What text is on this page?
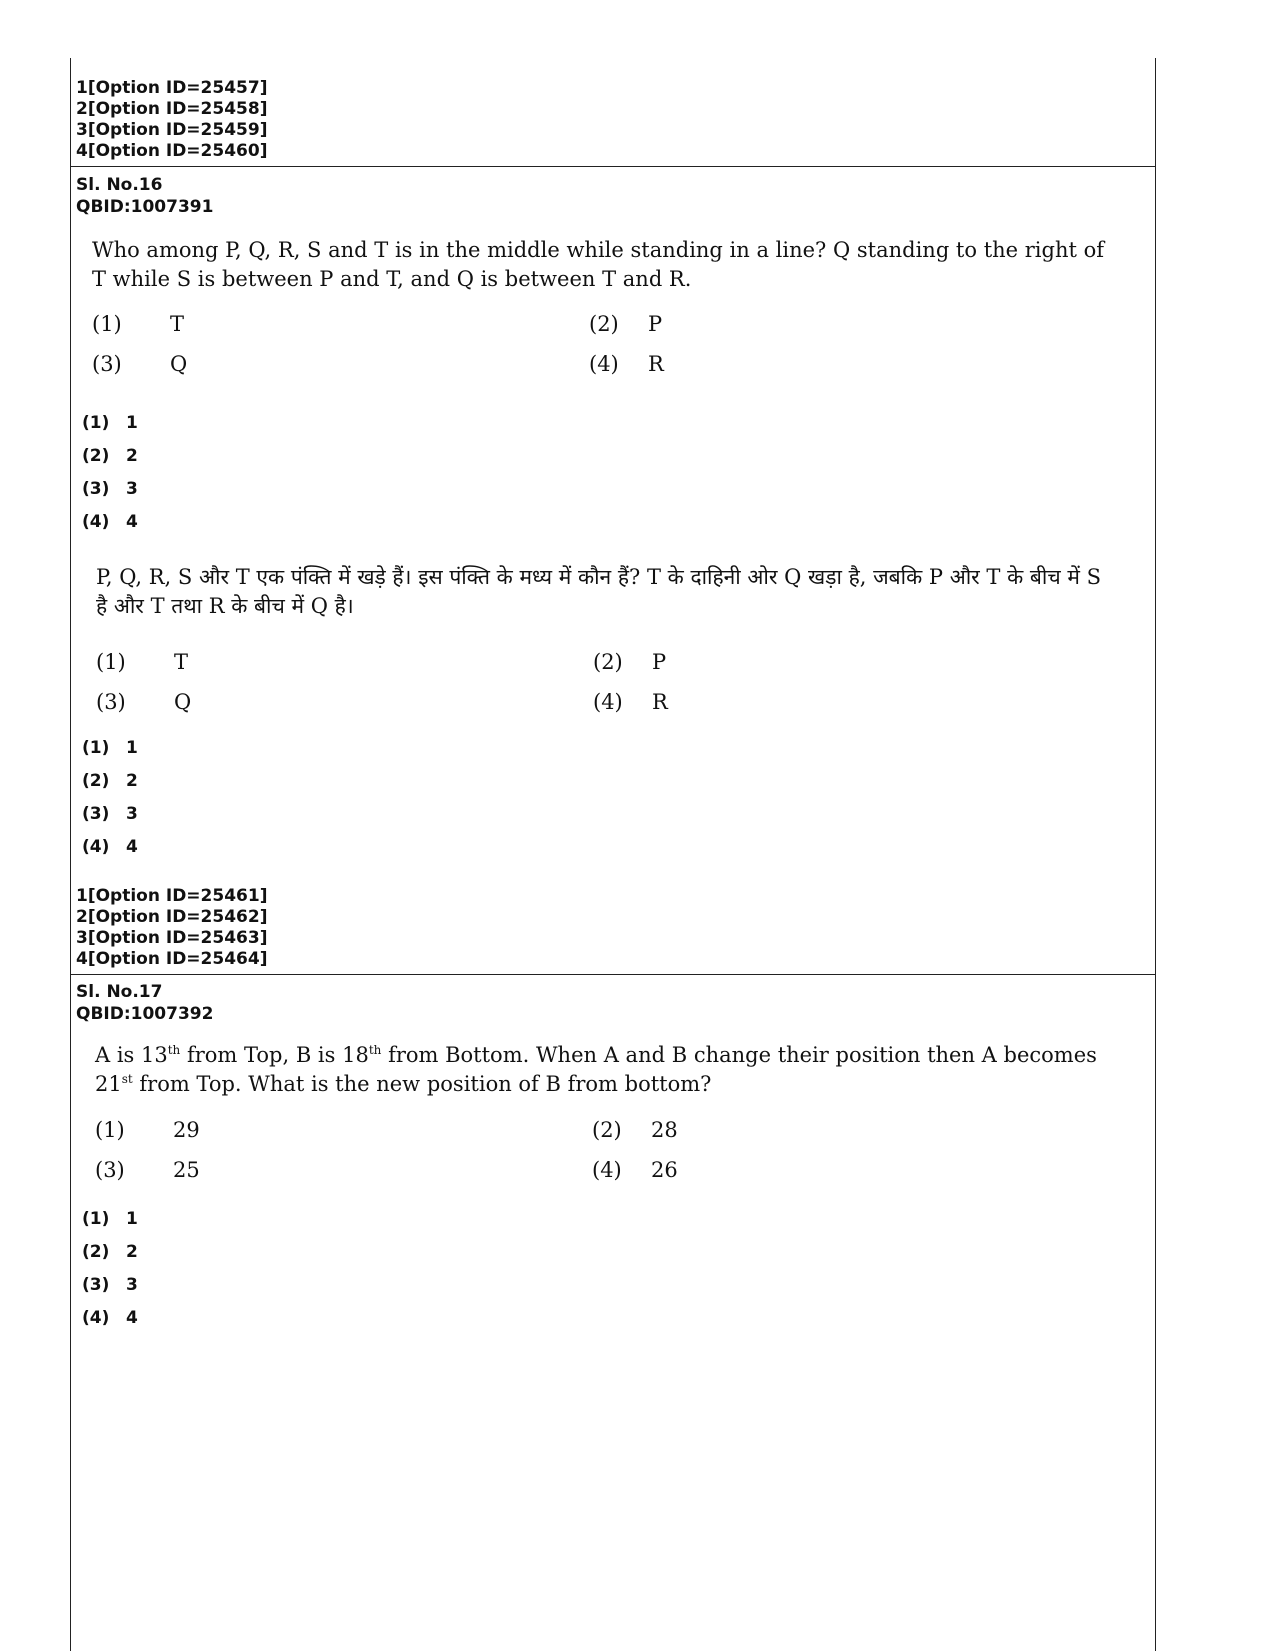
1[Option ID=25457]
2[Option ID=25458]
3[Option ID=25459]
4[Option ID=25460]
Sl. No.16
QBID:1007391
Who among P, Q, R, S and T is in the middle while standing in a line? Q standing to the right of T while S is between P and T, and Q is between T and R.
(1) T	(2) P
(3) Q	(4) R
(1) 1
(2) 2
(3) 3
(4) 4
P, Q, R, S और T एक पंक्ति में खड़े हैं। इस पंक्ति के मध्य में कौन हैं? T के दाहिनी ओर Q खड़ा है, जबकि P और T के बीच में S है और T तथा R के बीच में Q है।
(1) T	(2) P
(3) Q	(4) R
(1) 1
(2) 2
(3) 3
(4) 4
1[Option ID=25461]
2[Option ID=25462]
3[Option ID=25463]
4[Option ID=25464]
Sl. No.17
QBID:1007392
A is 13th from Top, B is 18th from Bottom. When A and B change their position then A becomes 21st from Top. What is the new position of B from bottom?
(1) 29	(2) 28
(3) 25	(4) 26
(1) 1
(2) 2
(3) 3
(4) 4
